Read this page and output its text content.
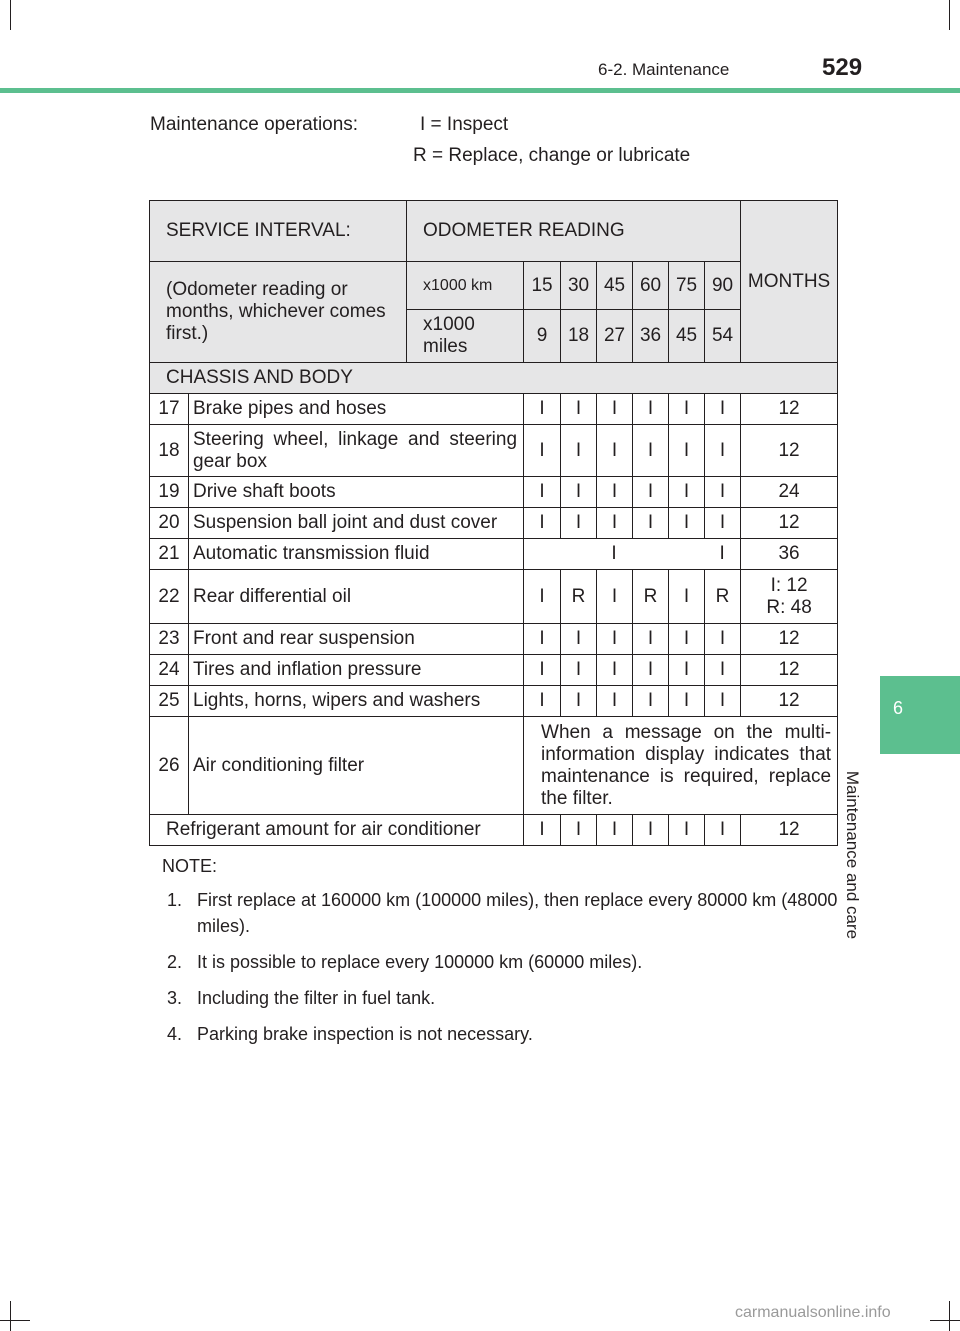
6-2. Maintenance	529
6
Maintenance and care
Maintenance operations:	I = Inspect
R = Replace, change or lubricate
SERVICE INTERVAL:		ODOMETER READING							MONTHS
(Odometer reading or months, whichever comes first.)		x1000 km	15	30	45	60	75	90	
		x1000 miles	9	18	27	36	45	54	
CHASSIS AND BODY									
17	Brake pipes and hoses		I	I	I	I	I	I	12
18	Steering wheel, linkage and steering gear box		I	I	I	I	I	I	12
19	Drive shaft boots		I	I	I	I	I	I	24
20	Suspension ball joint and dust cover		I	I	I	I	I	I	12
21	Automatic transmission fluid		I I						36
22	Rear differential oil		I	R	I	R	I	R	I: 12
R: 48

23	Front and rear suspension		I	I	I	I	I	I	12
24	Tires and inflation pressure		I	I	I	I	I	I	12
25	Lights, horns, wipers and washers		I	I	I	I	I	I	12
26	Air conditioning filter		When a message on the multi-information display indicates that maintenance is required, replace the filter.						
Refrigerant amount for air conditioner			I	I	I	I	I	I	12
NOTE:
1. First replace at 160000 km (100000 miles), then replace every 80000 km (48000 miles).
2. It is possible to replace every 100000 km (60000 miles).
3. Including the filter in fuel tank.
4. Parking brake inspection is not necessary.
carmanualsonline.info
